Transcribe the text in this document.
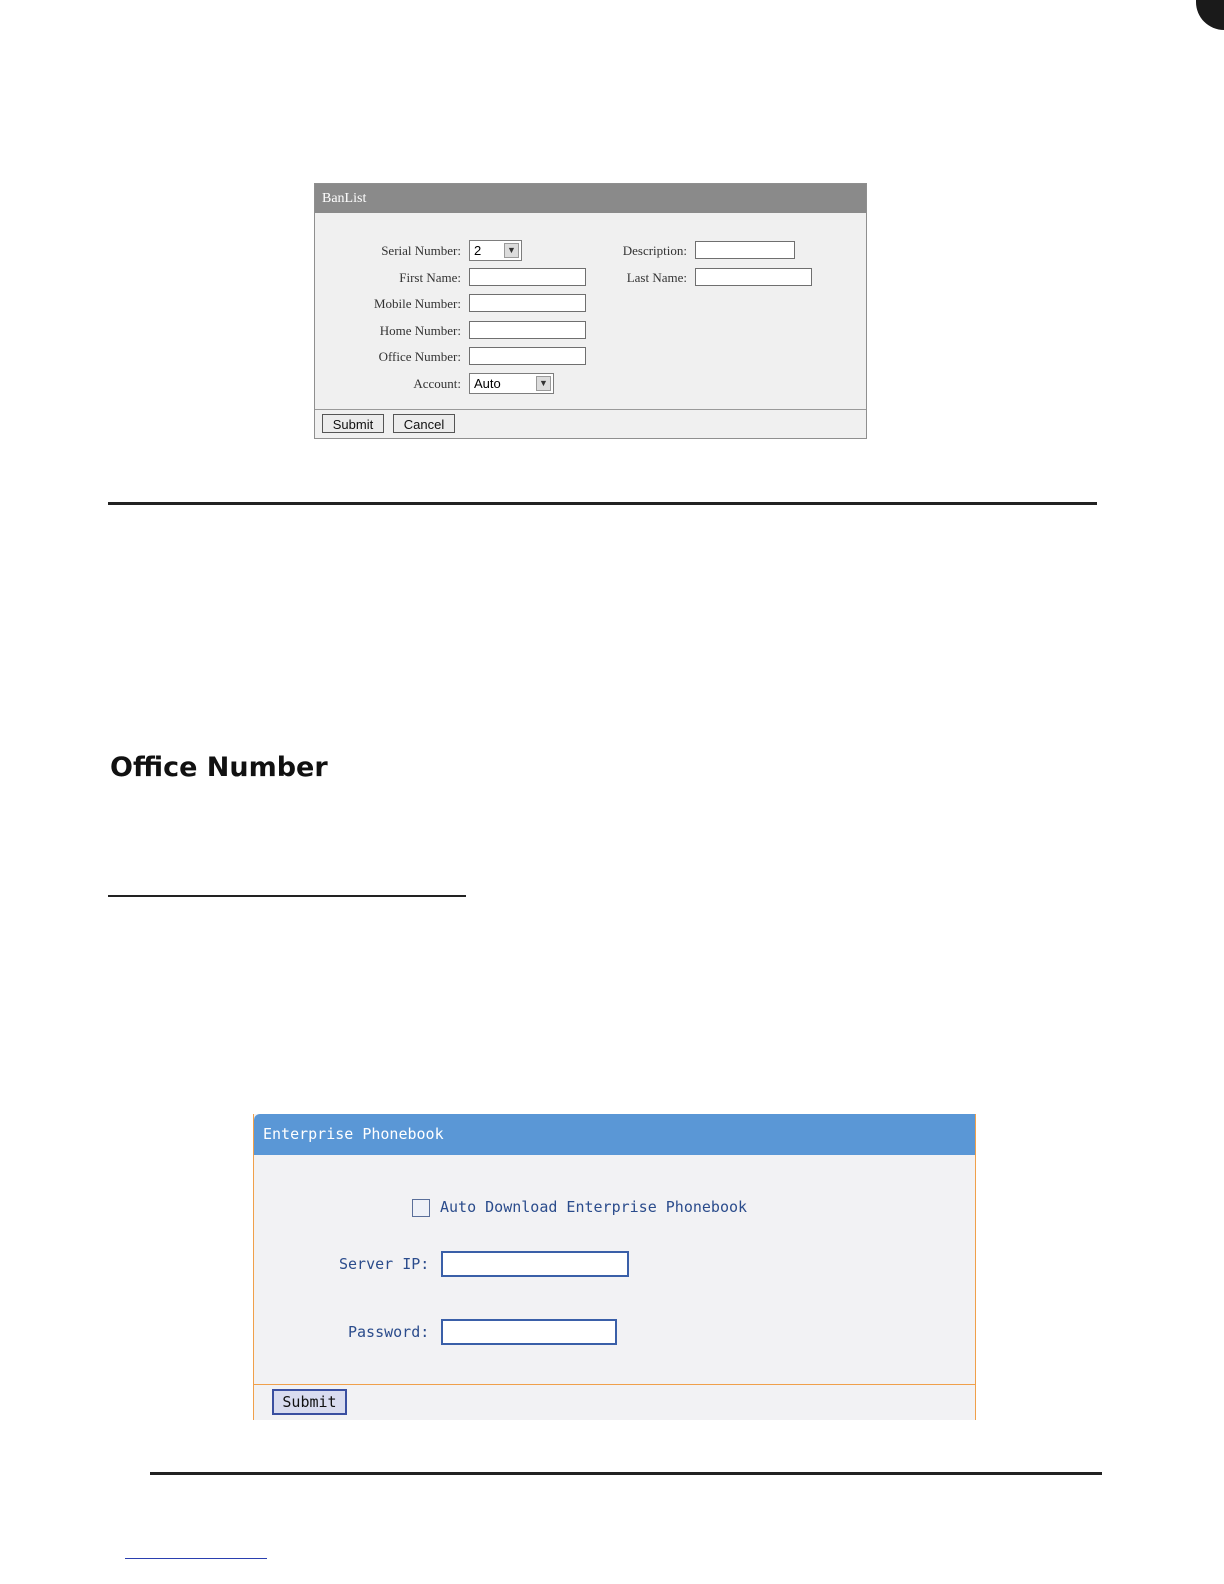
BanList
Serial Number:	2	▼	Description:
First Name:	Last Name:
Mobile Number:
Home Number:
Office Number:
Account:	Auto	▼
Submit	Cancel
Office Number
Enterprise Phonebook
Auto Download Enterprise Phonebook
Server IP:
Password:
Submit
